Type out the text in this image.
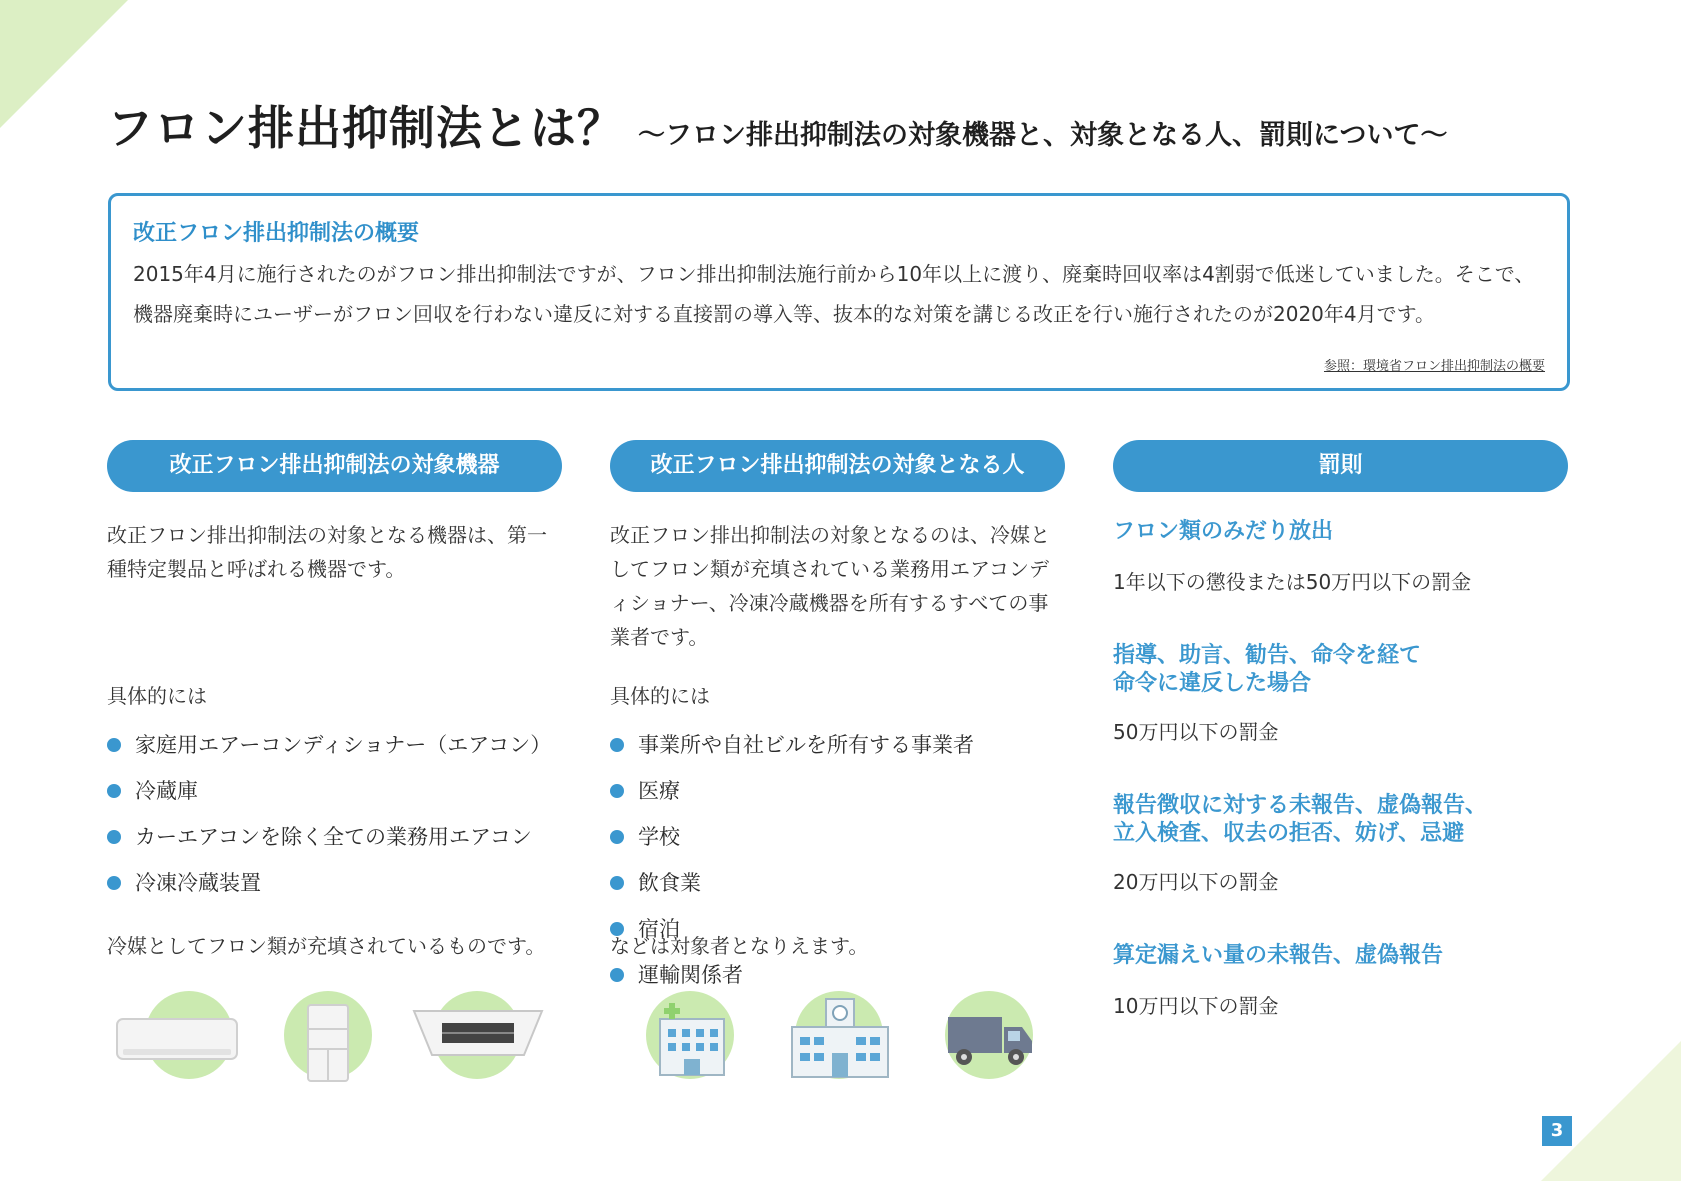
フロン排出抑制法とは？ 〜フロン排出抑制法の対象機器と、対象となる人、罰則について〜
改正フロン排出抑制法の概要

2015年4月に施行されたのがフロン排出抑制法ですが、フロン排出抑制法施行前から10年以上に渡り、廃棄時回収率は4割弱で低迷していました。そこで、機器廃棄時にユーザーがフロン回収を行わない違反に対する直接罰の導入等、抜本的な対策を講じる改正を行い施行されたのが2020年4月です。

参照：環境省フロン排出抑制法の概要
改正フロン排出抑制法の対象機器

改正フロン排出抑制法の対象となる機器は、第一種特定製品と呼ばれる機器です。

具体的には
家庭用エアーコンディショナー（エアコン）
冷蔵庫
カーエアコンを除く全ての業務用エアコン
冷凍冷蔵装置
冷媒としてフロン類が充填されているものです。
改正フロン排出抑制法の対象となる人

改正フロン排出抑制法の対象となるのは、冷媒としてフロン類が充填されている業務用エアコンディショナー、冷凍冷蔵機器を所有するすべての事業者です。

具体的には
事業所や自社ビルを所有する事業者
医療
学校
飲食業
宿泊
運輸関係者
などは対象者となりえます。
罰則
フロン類のみだり放出
1年以下の懲役または50万円以下の罰金
指導、助言、勧告、命令を経て
命令に違反した場合
50万円以下の罰金
報告徴収に対する未報告、虚偽報告、
立入検査、収去の拒否、妨げ、忌避
20万円以下の罰金
算定漏えい量の未報告、虚偽報告
10万円以下の罰金
3
